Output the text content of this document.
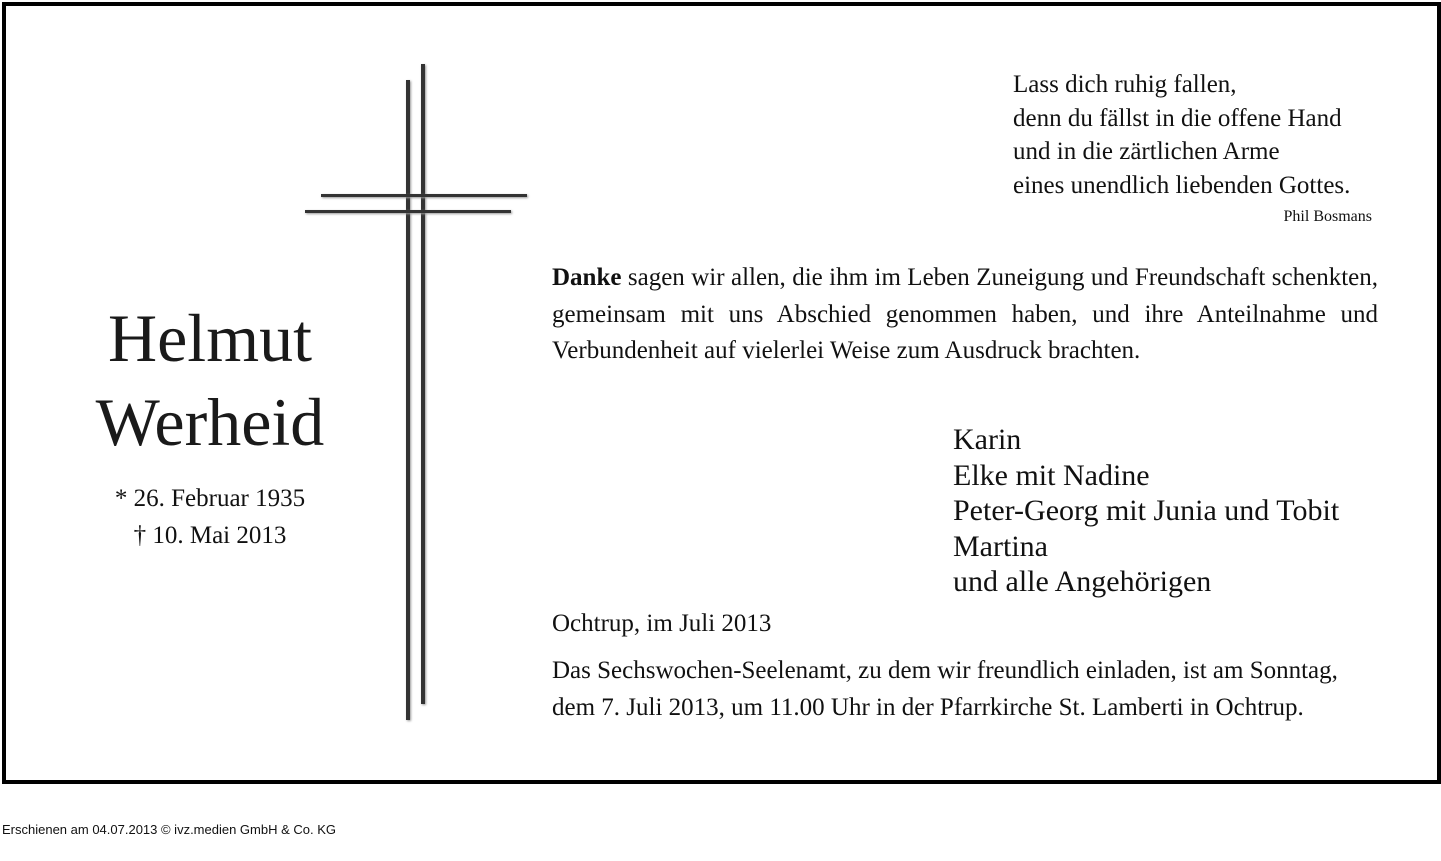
Helmut
Werheid
* 26. Februar 1935
† 10. Mai 2013
Lass dich ruhig fallen,
denn du fällst in die offene Hand
und in die zärtlichen Arme
eines unendlich liebenden Gottes.
Phil Bosmans
Danke sagen wir allen, die ihm im Leben Zuneigung und Freundschaft schenkten, gemeinsam mit uns Abschied genommen haben, und ihre Anteilnahme und Verbundenheit auf vielerlei Weise zum Ausdruck brachten.
Karin
Elke mit Nadine
Peter-Georg mit Junia und Tobit
Martina
und alle Angehörigen
Ochtrup, im Juli 2013
Das Sechswochen-Seelenamt, zu dem wir freundlich einladen, ist am Sonntag,
dem 7. Juli 2013, um 11.00 Uhr in der Pfarrkirche St. Lamberti in Ochtrup.
Erschienen am 04.07.2013 © ivz.medien GmbH & Co. KG
